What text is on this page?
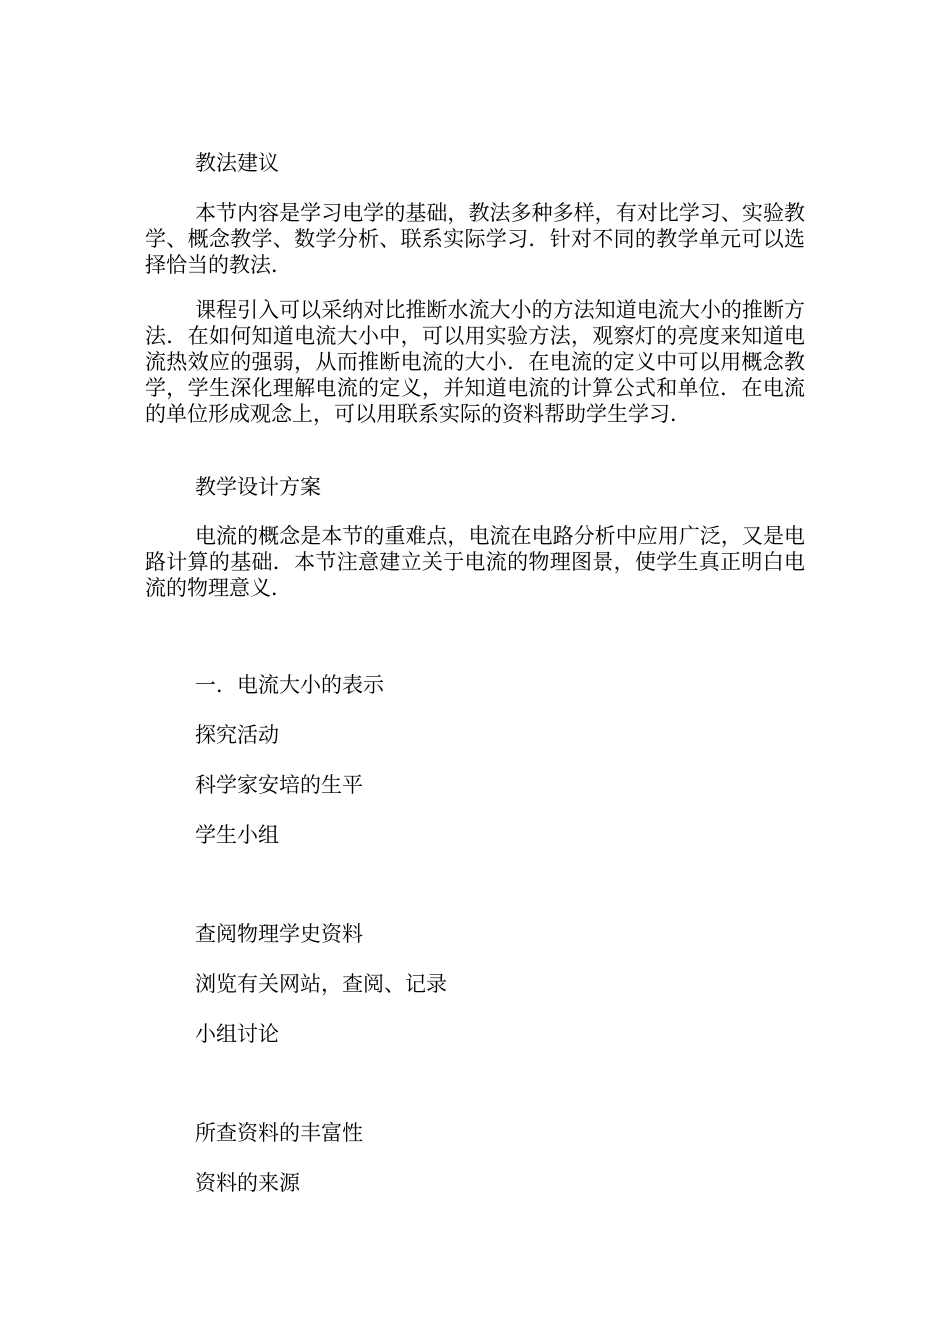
教法建议

本节内容是学习电学的基础，教法多种多样，有对比学习、实验教学、概念教学、数学分析、联系实际学习．针对不同的教学单元可以选择恰当的教法．

课程引入可以采纳对比推断水流大小的方法知道电流大小的推断方法．在如何知道电流大小中，可以用实验方法，观察灯的亮度来知道电流热效应的强弱，从而推断电流的大小．在电流的定义中可以用概念教学，学生深化理解电流的定义，并知道电流的计算公式和单位．在电流的单位形成观念上，可以用联系实际的资料帮助学生学习．

教学设计方案

电流的概念是本节的重难点，电流在电路分析中应用广泛，又是电路计算的基础．本节注意建立关于电流的物理图景，使学生真正明白电流的物理意义．

一．电流大小的表示

探究活动

科学家安培的生平

学生小组

查阅物理学史资料

浏览有关网站，查阅、记录

小组讨论

所查资料的丰富性

资料的来源
